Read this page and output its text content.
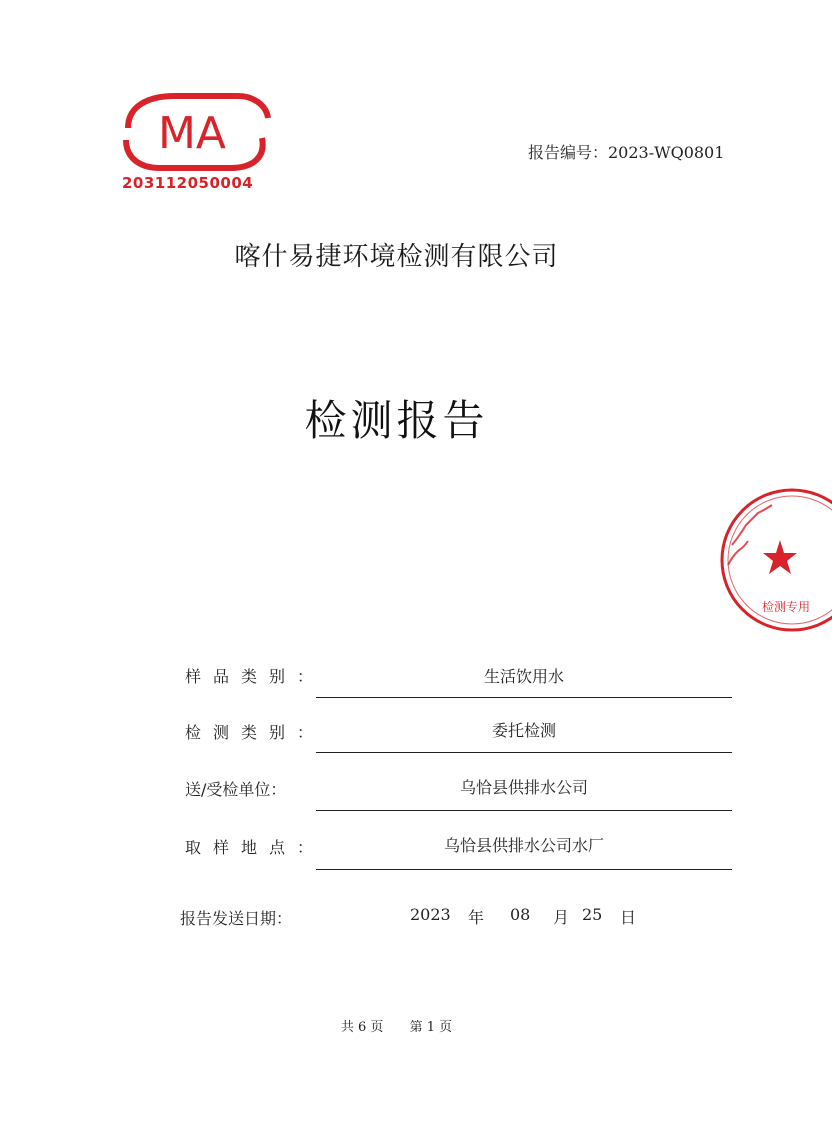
MA
203112050004
报告编号：2023-WQ0801
喀什易捷环境检测有限公司
检测报告
检测专用
样品类别：	生活饮用水
检测类别：	委托检测
送/受检单位：	乌恰县供排水公司
取样地点：	乌恰县供排水公司水厂
报告发送日期：	2023 年 08 月 25 日
共 6 页 第 1 页
